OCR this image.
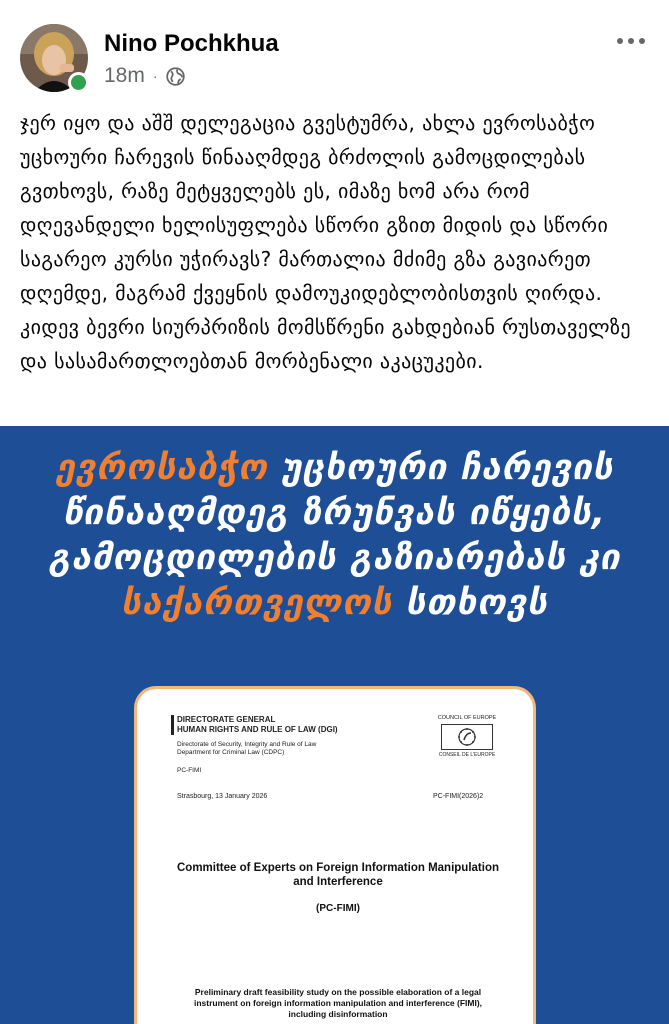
Nino Pochkhua
18m ·
ჯერ იყო და აშშ დელეგაცია გვესტუმრა, ახლა ევროსაბჭო უცხოური ჩარევის წინააღმდეგ ბრძოლის გამოცდილებას გვთხოვს, რაზე მეტყველებს ეს, იმაზე ხომ არა რომ დღევანდელი ხელისუფლება სწორი გზით მიდის და სწორი საგარეო კურსი უჭირავს? მართალია მძიმე გზა გავიარეთ დღემდე, მაგრამ ქვეყნის დამოუკიდებლობისთვის ღირდა. კიდევ ბევრი სიურპრიზის მომსწრენი გახდებიან რუსთაველზე და სასამართლოებთან მორბენალი აკაცუკები.
ევროსაბჭო უცხოური ჩარევის წინააღმდეგ ზრუნვას იწყებს, გამოცდილების გაზიარებას კი საქართველოს სთხოვს
DIRECTORATE GENERAL
HUMAN RIGHTS AND RULE OF LAW (DGI)
Directorate of Security, Integrity and Rule of Law
Department for Criminal Law (CDPC)
PC-FIMI
COUNCIL OF EUROPE
CONSEIL DE L'EUROPE
Strasbourg, 13 January 2026	PC-FIMI(2026)2
Committee of Experts on Foreign Information Manipulation and Interference
(PC-FIMI)
Preliminary draft feasibility study on the possible elaboration of a legal instrument on foreign information manipulation and interference (FIMI), including disinformation
